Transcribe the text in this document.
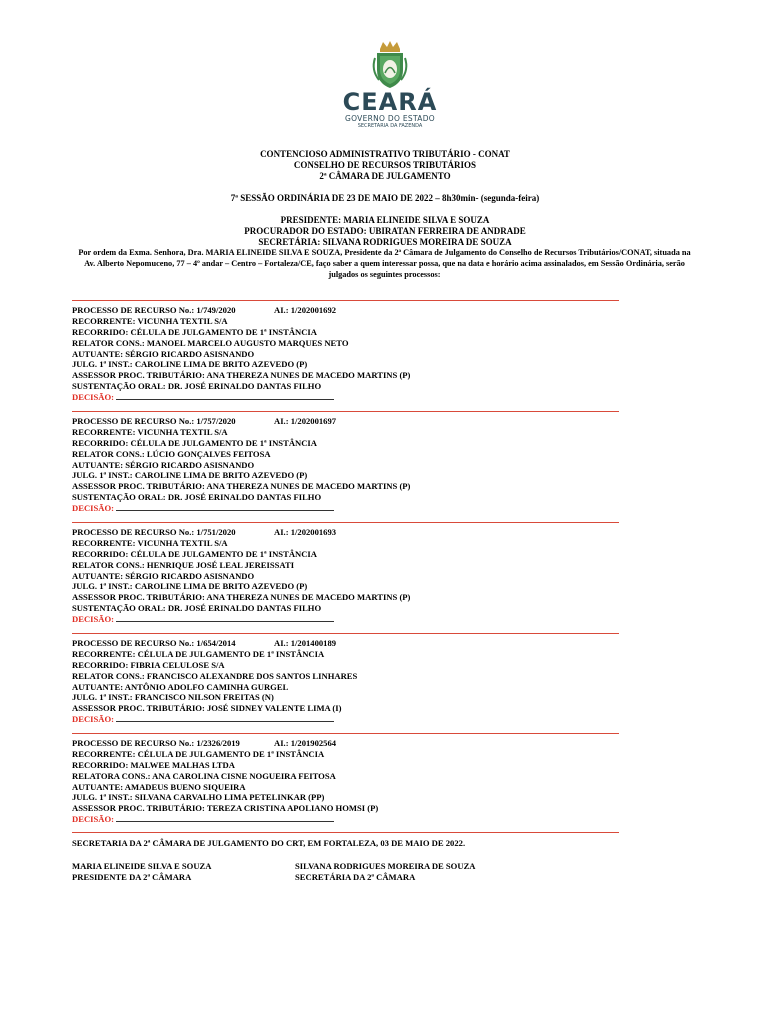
CEARÁ
GOVERNO DO ESTADO
SECRETARIA DA FAZENDA
CONTENCIOSO ADMINISTRATIVO TRIBUTÁRIO - CONAT
CONSELHO DE RECURSOS TRIBUTÁRIOS
2ª CÂMARA DE JULGAMENTO
7ª SESSÃO ORDINÁRIA DE 23 DE MAIO DE 2022 – 8h30min- (segunda-feira)
PRESIDENTE: MARIA ELINEIDE SILVA E SOUZA
PROCURADOR DO ESTADO: UBIRATAN FERREIRA DE ANDRADE
SECRETÁRIA: SILVANA RODRIGUES MOREIRA DE SOUZA
Por ordem da Exma. Senhora, Dra. MARIA ELINEIDE SILVA E SOUZA, Presidente da 2ª Câmara de Julgamento do Conselho de Recursos Tributários/CONAT, situada na Av. Alberto Nepomuceno, 77 – 4º andar – Centro – Fortaleza/CE, faço saber a quem interessar possa, que na data e horário acima assinalados, em Sessão Ordinária, serão julgados os seguintes processos:
PROCESSO DE RECURSO No.: 1/749/2020	AI.: 1/202001692
RECORRENTE: VICUNHA TEXTIL S/A
RECORRIDO: CÉLULA DE JULGAMENTO DE 1ª INSTÂNCIA
RELATOR CONS.: MANOEL MARCELO AUGUSTO MARQUES NETO
AUTUANTE: SÉRGIO RICARDO ASISNANDO
JULG. 1ª INST.: CAROLINE LIMA DE BRITO AZEVEDO (P)
ASSESSOR PROC. TRIBUTÁRIO: ANA THEREZA NUNES DE MACEDO MARTINS (P)
SUSTENTAÇÃO ORAL: DR. JOSÉ ERINALDO DANTAS FILHO
DECISÃO:
PROCESSO DE RECURSO No.: 1/757/2020	AI.: 1/202001697
RECORRENTE: VICUNHA TEXTIL S/A
RECORRIDO: CÉLULA DE JULGAMENTO DE 1ª INSTÂNCIA
RELATOR CONS.: LÚCIO GONÇALVES FEITOSA
AUTUANTE: SÉRGIO RICARDO ASISNANDO
JULG. 1ª INST.: CAROLINE LIMA DE BRITO AZEVEDO (P)
ASSESSOR PROC. TRIBUTÁRIO: ANA THEREZA NUNES DE MACEDO MARTINS (P)
SUSTENTAÇÃO ORAL: DR. JOSÉ ERINALDO DANTAS FILHO
DECISÃO:
PROCESSO DE RECURSO No.: 1/751/2020	AI.: 1/202001693
RECORRENTE: VICUNHA TEXTIL S/A
RECORRIDO: CÉLULA DE JULGAMENTO DE 1ª INSTÂNCIA
RELATOR CONS.: HENRIQUE JOSÉ LEAL JEREISSATI
AUTUANTE: SÉRGIO RICARDO ASISNANDO
JULG. 1ª INST.: CAROLINE LIMA DE BRITO AZEVEDO (P)
ASSESSOR PROC. TRIBUTÁRIO: ANA THEREZA NUNES DE MACEDO MARTINS (P)
SUSTENTAÇÃO ORAL: DR. JOSÉ ERINALDO DANTAS FILHO
DECISÃO:
PROCESSO DE RECURSO No.: 1/654/2014	AI.: 1/201400189
RECORRENTE: CÉLULA DE JULGAMENTO DE 1ª INSTÂNCIA
RECORRIDO: FIBRIA CELULOSE S/A
RELATOR CONS.: FRANCISCO ALEXANDRE DOS SANTOS LINHARES
AUTUANTE: ANTÔNIO ADOLFO CAMINHA GURGEL
JULG. 1ª INST.: FRANCISCO NILSON FREITAS (N)
ASSESSOR PROC. TRIBUTÁRIO: JOSÉ SIDNEY VALENTE LIMA (I)
DECISÃO:
PROCESSO DE RECURSO No.: 1/2326/2019	AI.: 1/201902564
RECORRENTE: CÉLULA DE JULGAMENTO DE 1ª INSTÂNCIA
RECORRIDO: MALWEE MALHAS LTDA
RELATORA CONS.: ANA CAROLINA CISNE NOGUEIRA FEITOSA
AUTUANTE: AMADEUS BUENO SIQUEIRA
JULG. 1ª INST.: SILVANA CARVALHO LIMA PETELINKAR (PP)
ASSESSOR PROC. TRIBUTÁRIO: TEREZA CRISTINA APOLIANO HOMSI (P)
DECISÃO:
SECRETARIA DA 2ª CÂMARA DE JULGAMENTO DO CRT, EM FORTALEZA, 03 DE MAIO DE 2022.
MARIA ELINEIDE SILVA E SOUZA
PRESIDENTE DA 2ª CÂMARA
SILVANA RODRIGUES MOREIRA DE SOUZA
SECRETÁRIA DA 2ª CÂMARA
